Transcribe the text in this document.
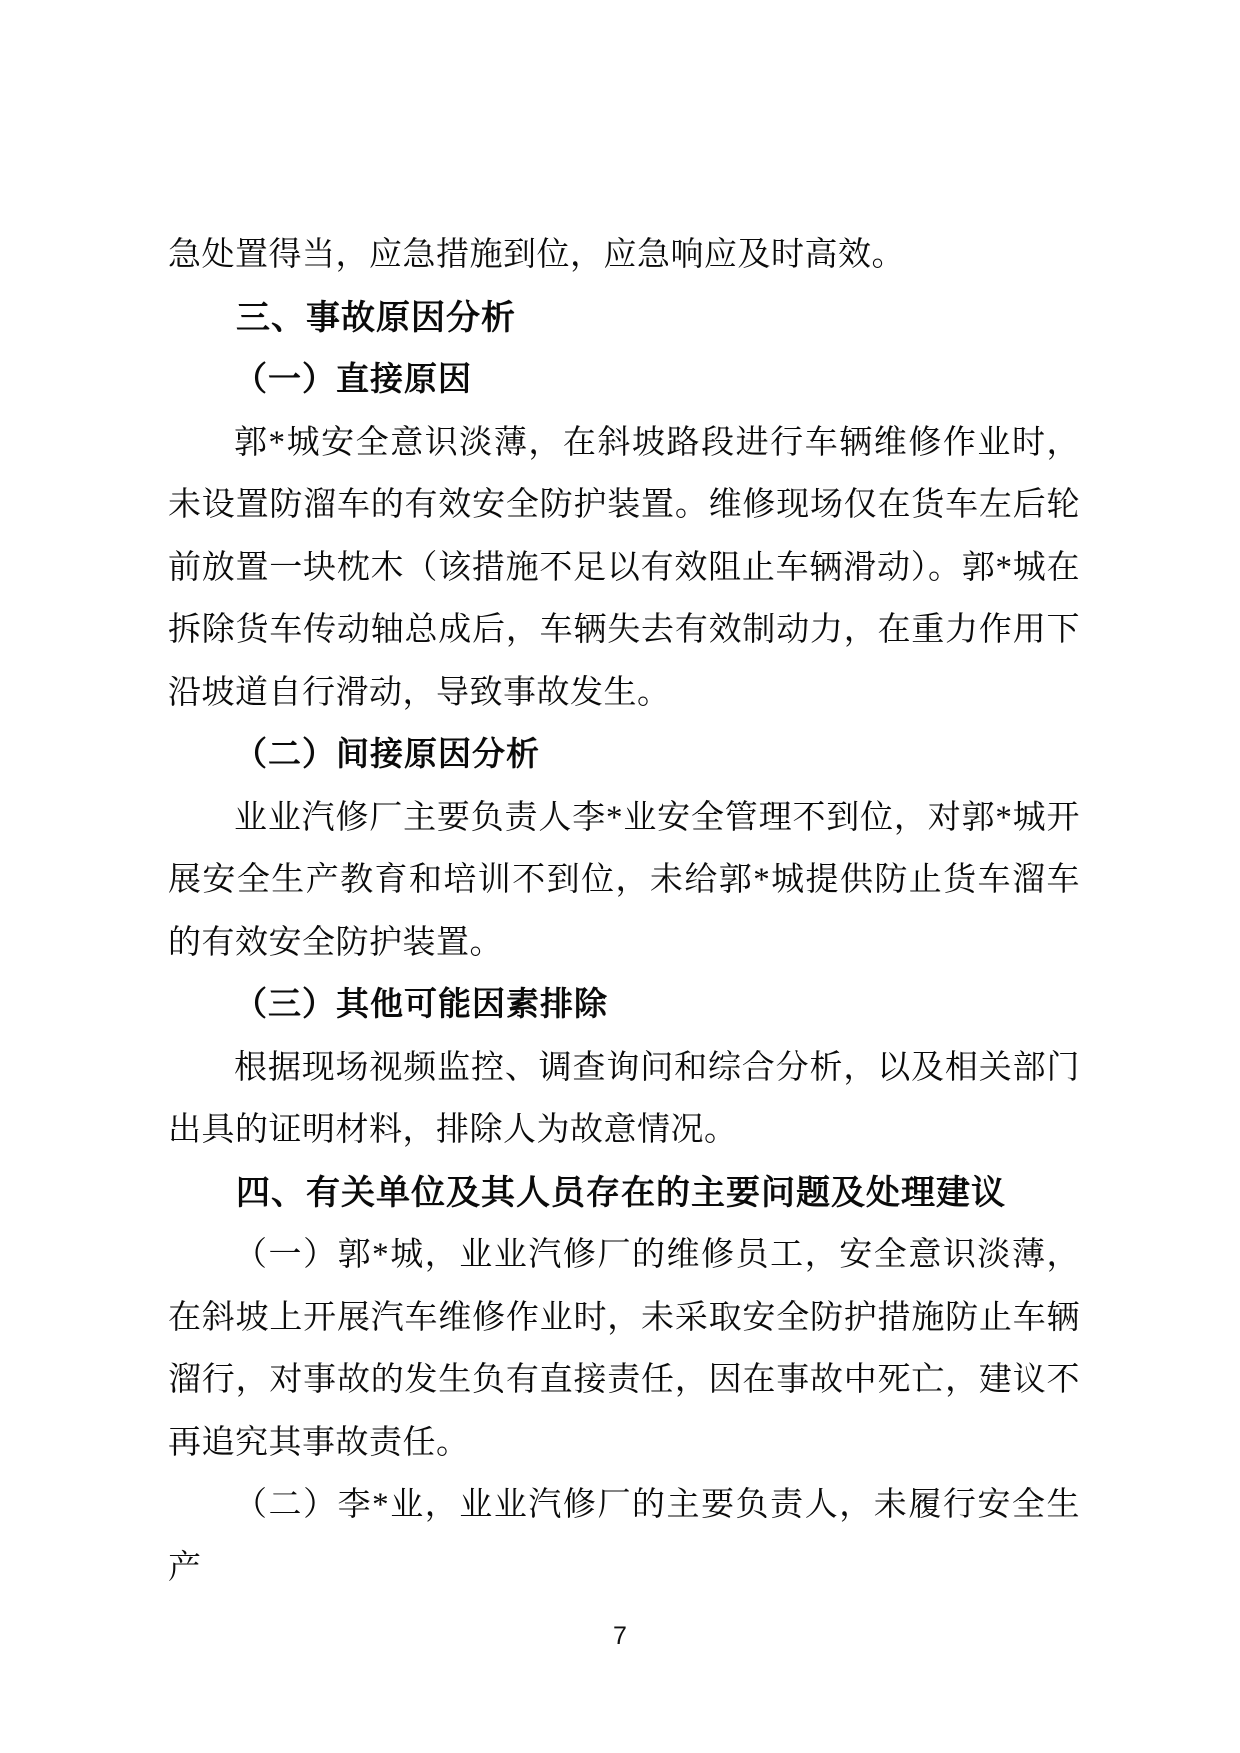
急处置得当，应急措施到位，应急响应及时高效。

三、事故原因分析

（一）直接原因

郭*城安全意识淡薄，在斜坡路段进行车辆维修作业时，未设置防溜车的有效安全防护装置。维修现场仅在货车左后轮前放置一块枕木（该措施不足以有效阻止车辆滑动）。郭*城在拆除货车传动轴总成后，车辆失去有效制动力，在重力作用下沿坡道自行滑动，导致事故发生。

（二）间接原因分析

业业汽修厂主要负责人李*业安全管理不到位，对郭*城开展安全生产教育和培训不到位，未给郭*城提供防止货车溜车的有效安全防护装置。

（三）其他可能因素排除

根据现场视频监控、调查询问和综合分析，以及相关部门出具的证明材料，排除人为故意情况。

四、有关单位及其人员存在的主要问题及处理建议

（一）郭*城，业业汽修厂的维修员工，安全意识淡薄，在斜坡上开展汽车维修作业时，未采取安全防护措施防止车辆溜行，对事故的发生负有直接责任，因在事故中死亡，建议不再追究其事故责任。

（二）李*业，业业汽修厂的主要负责人，未履行安全生产

7
